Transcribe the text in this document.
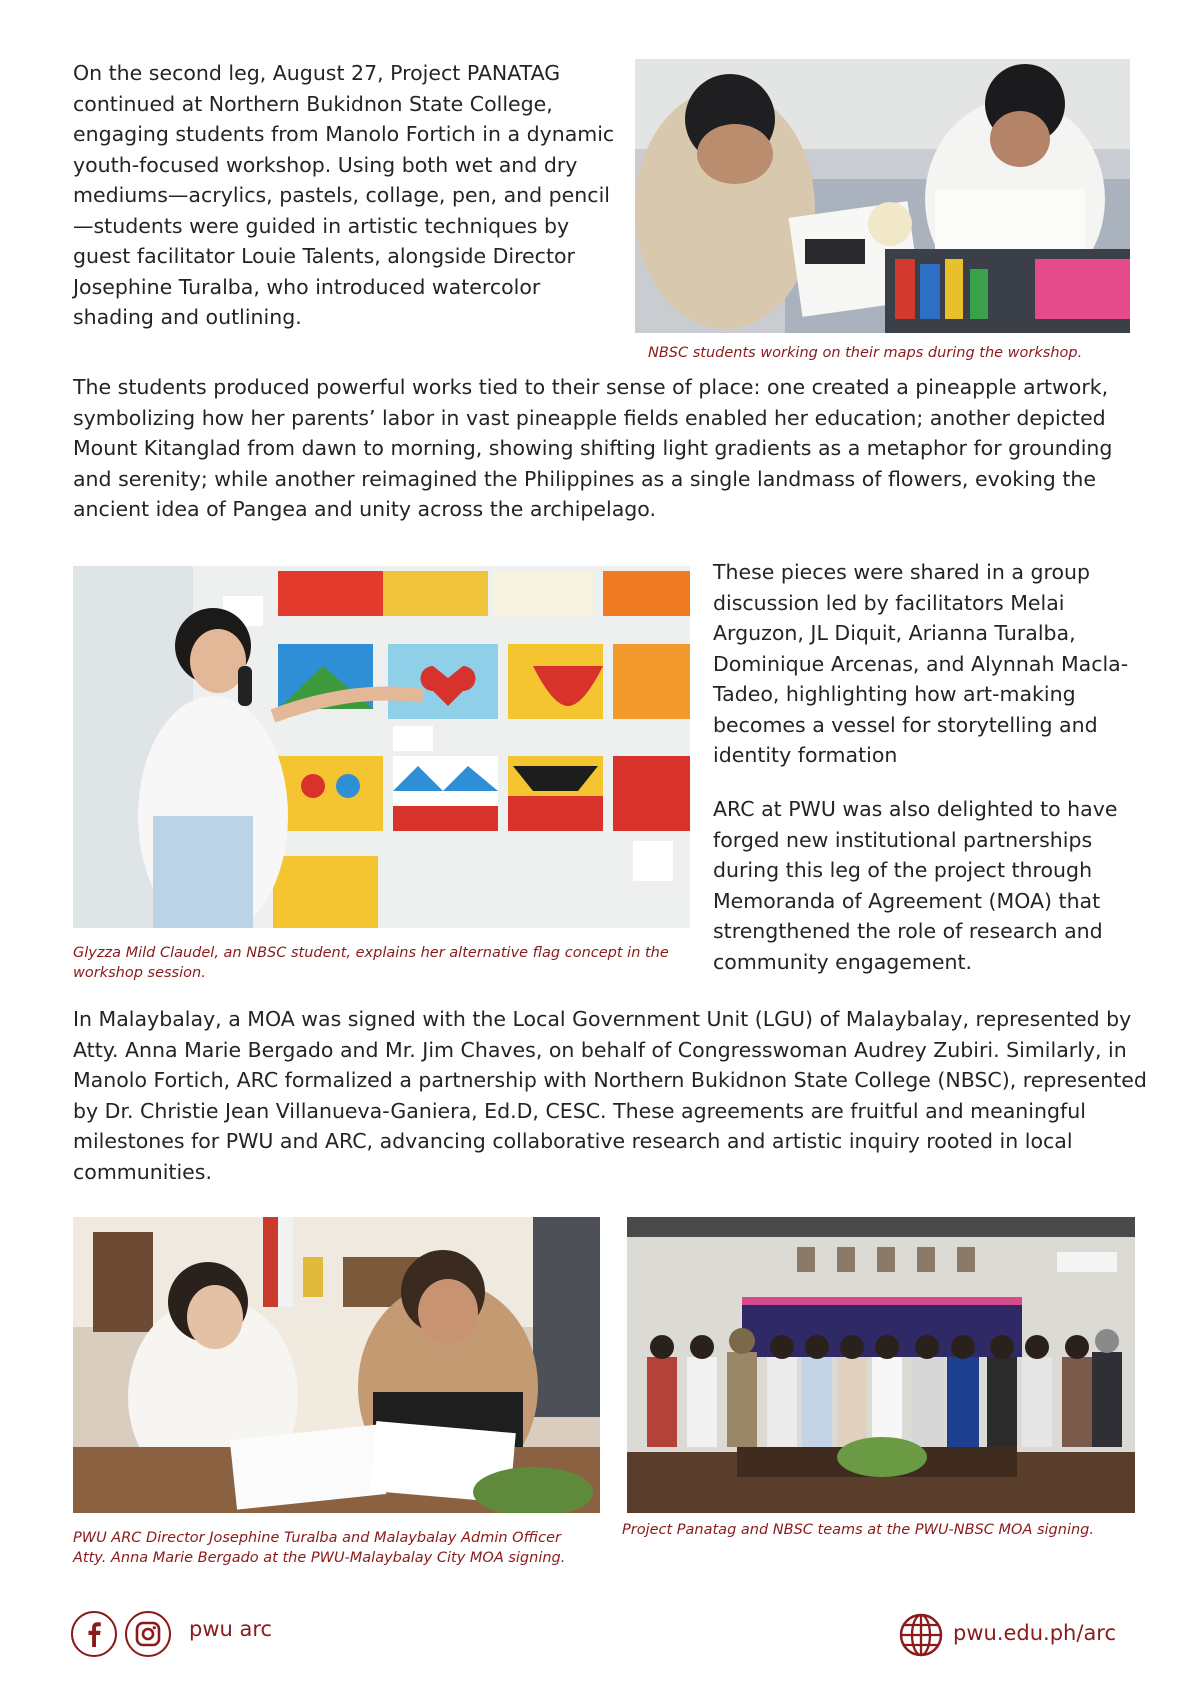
On the second leg, August 27, Project PANATAG continued at Northern Bukidnon State College, engaging students from Manolo Fortich in a dynamic youth-focused workshop. Using both wet and dry mediums—acrylics, pastels, collage, pen, and pencil—students were guided in artistic techniques by guest facilitator Louie Talents, alongside Director Josephine Turalba, who introduced watercolor shading and outlining.
NBSC students working on their maps during the workshop.
The students produced powerful works tied to their sense of place: one created a pineapple artwork, symbolizing how her parents’ labor in vast pineapple fields enabled her education; another depicted Mount Kitanglad from dawn to morning, showing shifting light gradients as a metaphor for grounding and serenity; while another reimagined the Philippines as a single landmass of flowers, evoking the ancient idea of Pangea and unity across the archipelago.
Glyzza Mild Claudel, an NBSC student, explains her alternative flag concept in the workshop session.
These pieces were shared in a group discussion led by facilitators Melai Arguzon, JL Diquit, Arianna Turalba, Dominique Arcenas, and Alynnah Macla-Tadeo, highlighting how art-making becomes a vessel for storytelling and identity formation
ARC at PWU was also delighted to have forged new institutional partnerships during this leg of the project through Memoranda of Agreement (MOA) that strengthened the role of research and community engagement.
In Malaybalay, a MOA was signed with the Local Government Unit (LGU) of Malaybalay, represented by Atty. Anna Marie Bergado and Mr. Jim Chaves, on behalf of Congresswoman Audrey Zubiri. Similarly, in Manolo Fortich, ARC formalized a partnership with Northern Bukidnon State College (NBSC), represented by Dr. Christie Jean Villanueva-Ganiera, Ed.D, CESC. These agreements are fruitful and meaningful milestones for PWU and ARC, advancing collaborative research and artistic inquiry rooted in local communities.
PWU ARC Director Josephine Turalba and Malaybalay Admin Officer Atty. Anna Marie Bergado at the PWU-Malaybalay City MOA signing.
Project Panatag and NBSC teams at the PWU-NBSC MOA signing.
pwu arc	pwu.edu.ph/arc
